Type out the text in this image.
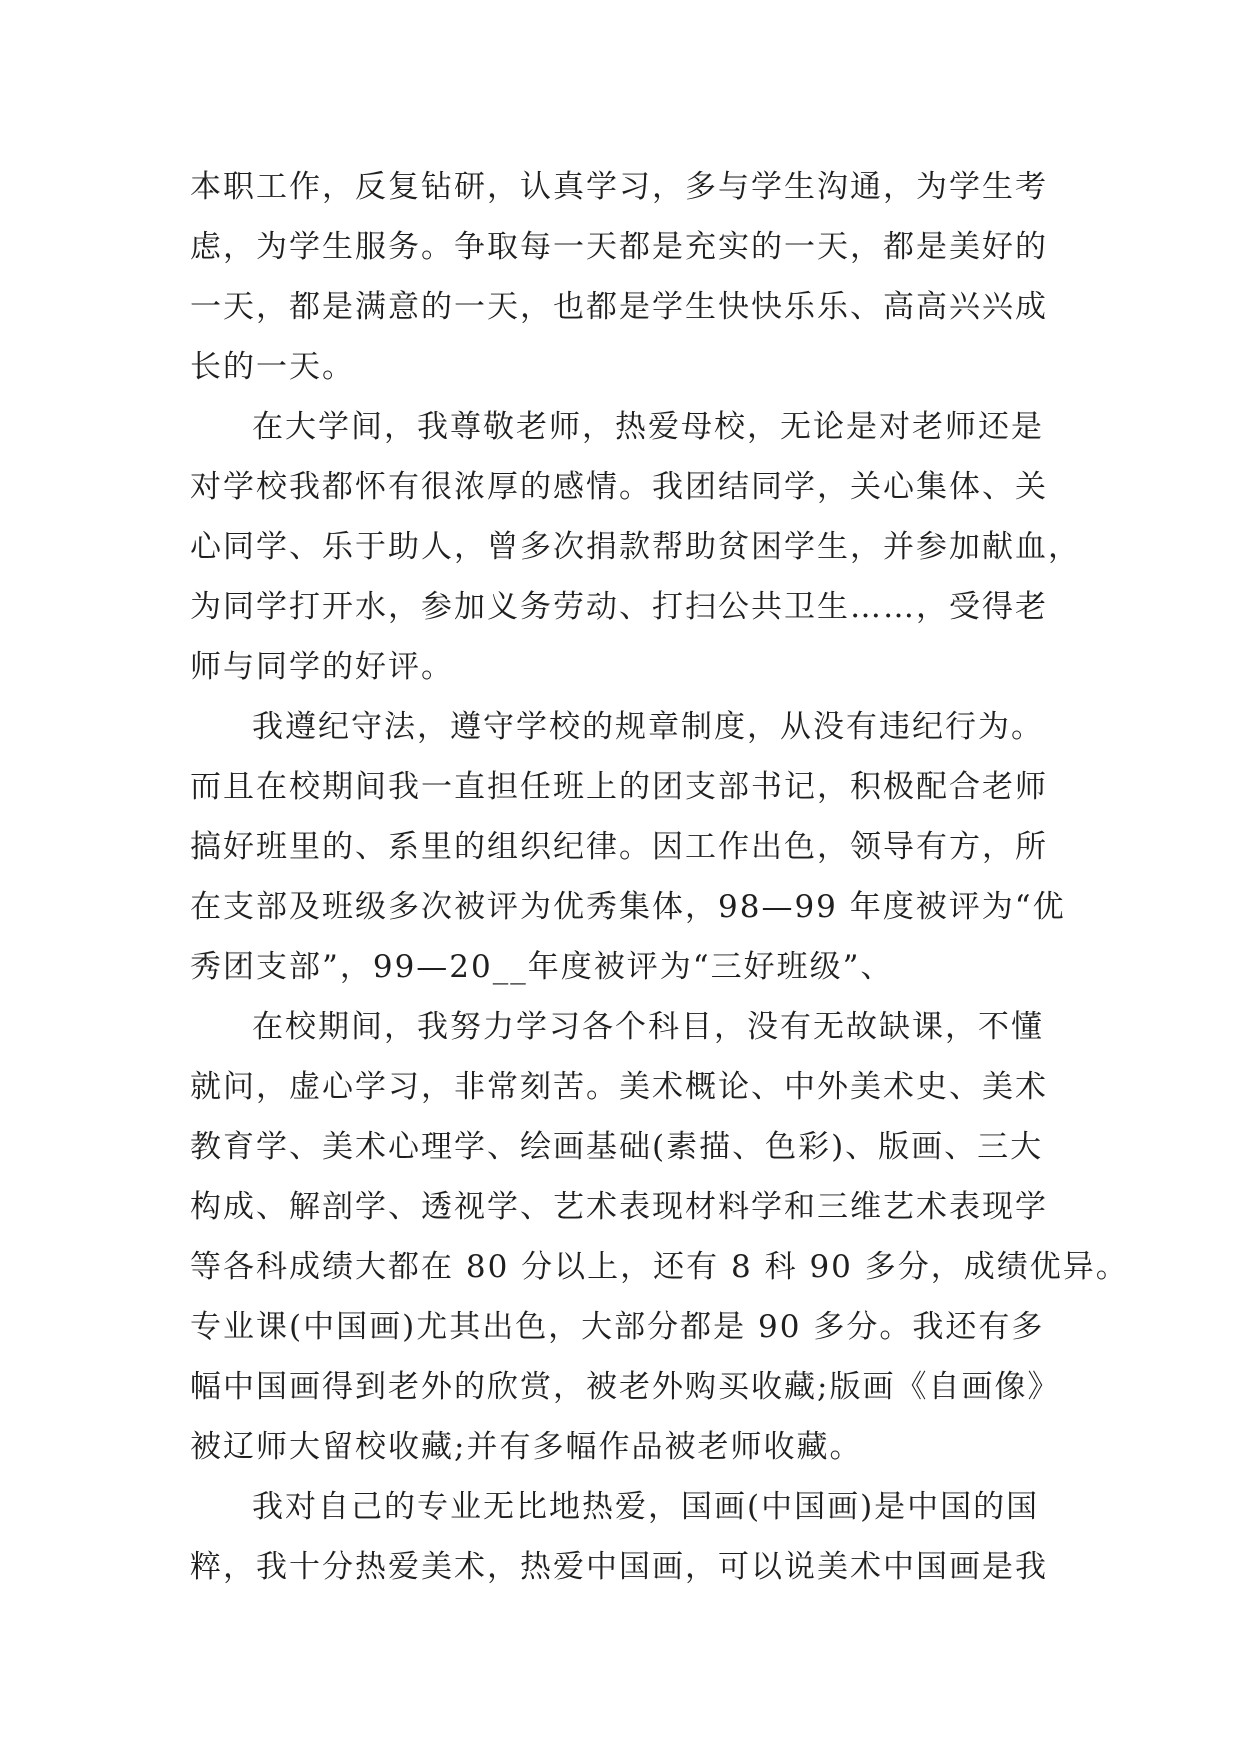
本职工作，反复钻研，认真学习，多与学生沟通，为学生考
虑，为学生服务。争取每一天都是充实的一天，都是美好的
一天，都是满意的一天，也都是学生快快乐乐、高高兴兴成
长的一天。

在大学间，我尊敬老师，热爱母校，无论是对老师还是
对学校我都怀有很浓厚的感情。我团结同学，关心集体、关
心同学、乐于助人，曾多次捐款帮助贫困学生，并参加献血，
为同学打开水，参加义务劳动、打扫公共卫生……，受得老
师与同学的好评。

我遵纪守法，遵守学校的规章制度，从没有违纪行为。
而且在校期间我一直担任班上的团支部书记，积极配合老师
搞好班里的、系里的组织纪律。因工作出色，领导有方，所
在支部及班级多次被评为优秀集体，98—99 年度被评为“优
秀团支部”，99—20__年度被评为“三好班级”、

在校期间，我努力学习各个科目，没有无故缺课，不懂
就问，虚心学习，非常刻苦。美术概论、中外美术史、美术
教育学、美术心理学、绘画基础(素描、色彩)、版画、三大
构成、解剖学、透视学、艺术表现材料学和三维艺术表现学
等各科成绩大都在 80 分以上，还有 8 科 90 多分，成绩优异。
专业课(中国画)尤其出色，大部分都是 90 多分。我还有多
幅中国画得到老外的欣赏，被老外购买收藏;版画《自画像》
被辽师大留校收藏;并有多幅作品被老师收藏。

我对自己的专业无比地热爱，国画(中国画)是中国的国
粹，我十分热爱美术，热爱中国画，可以说美术中国画是我
